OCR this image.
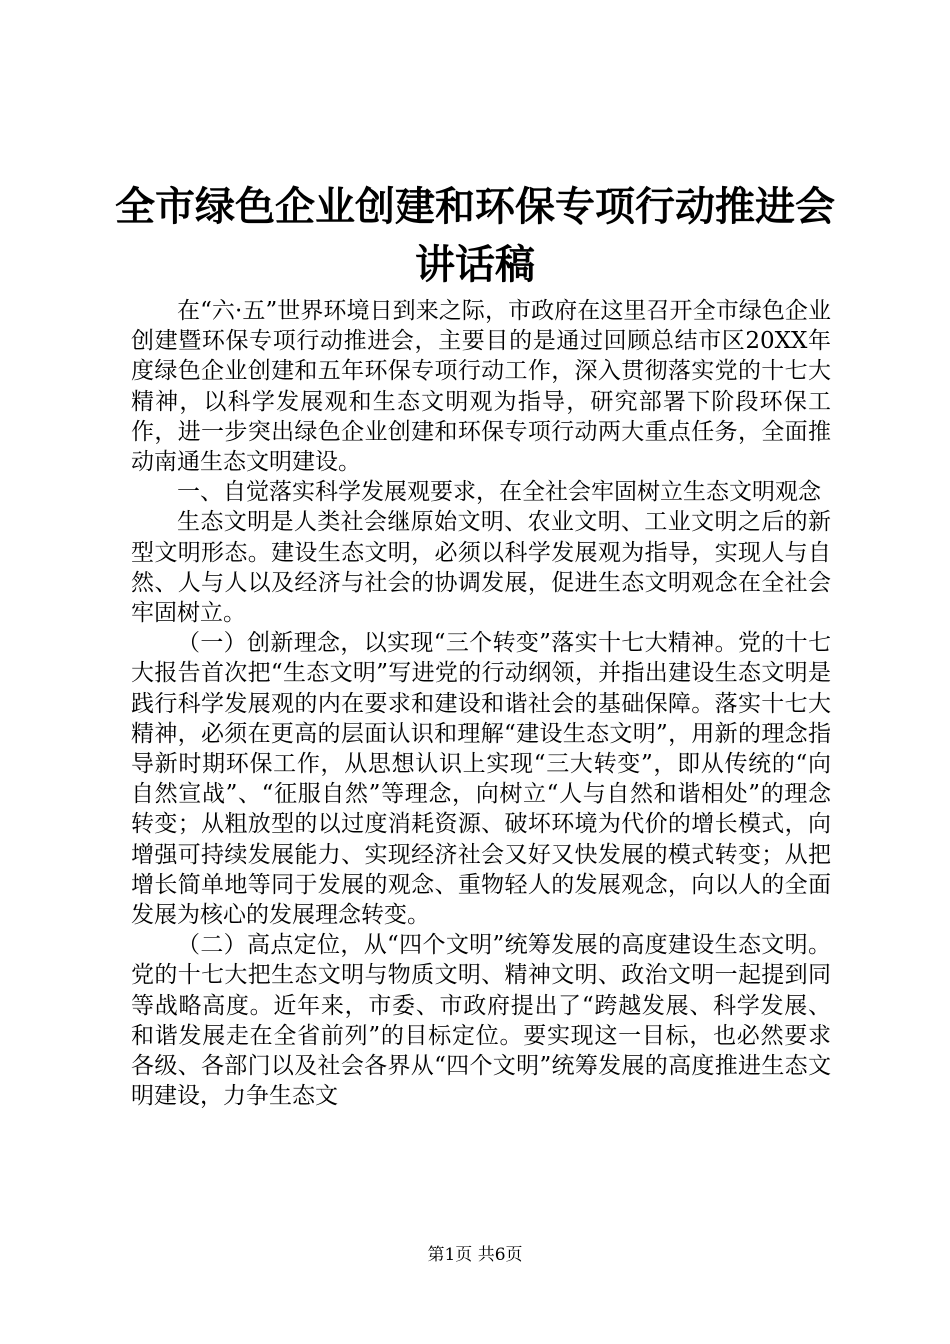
全市绿色企业创建和环保专项行动推进会讲话稿

在“六·五”世界环境日到来之际，市政府在这里召开全市绿色企业创建暨环保专项行动推进会，主要目的是通过回顾总结市区20XX年度绿色企业创建和五年环保专项行动工作，深入贯彻落实党的十七大精神，以科学发展观和生态文明观为指导，研究部署下阶段环保工作，进一步突出绿色企业创建和环保专项行动两大重点任务，全面推动南通生态文明建设。

一、自觉落实科学发展观要求，在全社会牢固树立生态文明观念

生态文明是人类社会继原始文明、农业文明、工业文明之后的新型文明形态。建设生态文明，必须以科学发展观为指导，实现人与自然、人与人以及经济与社会的协调发展，促进生态文明观念在全社会牢固树立。

（一）创新理念，以实现“三个转变”落实十七大精神。党的十七大报告首次把“生态文明”写进党的行动纲领，并指出建设生态文明是践行科学发展观的内在要求和建设和谐社会的基础保障。落实十七大精神，必须在更高的层面认识和理解“建设生态文明”，用新的理念指导新时期环保工作，从思想认识上实现“三大转变”，即从传统的“向自然宣战”、“征服自然”等理念，向树立“人与自然和谐相处”的理念转变；从粗放型的以过度消耗资源、破坏环境为代价的增长模式，向增强可持续发展能力、实现经济社会又好又快发展的模式转变；从把增长简单地等同于发展的观念、重物轻人的发展观念，向以人的全面发展为核心的发展理念转变。

（二）高点定位，从“四个文明”统筹发展的高度建设生态文明。党的十七大把生态文明与物质文明、精神文明、政治文明一起提到同等战略高度。近年来，市委、市政府提出了“跨越发展、科学发展、和谐发展走在全省前列”的目标定位。要实现这一目标，也必然要求各级、各部门以及社会各界从“四个文明”统筹发展的高度推进生态文明建设，力争生态文

第1页 共6页
